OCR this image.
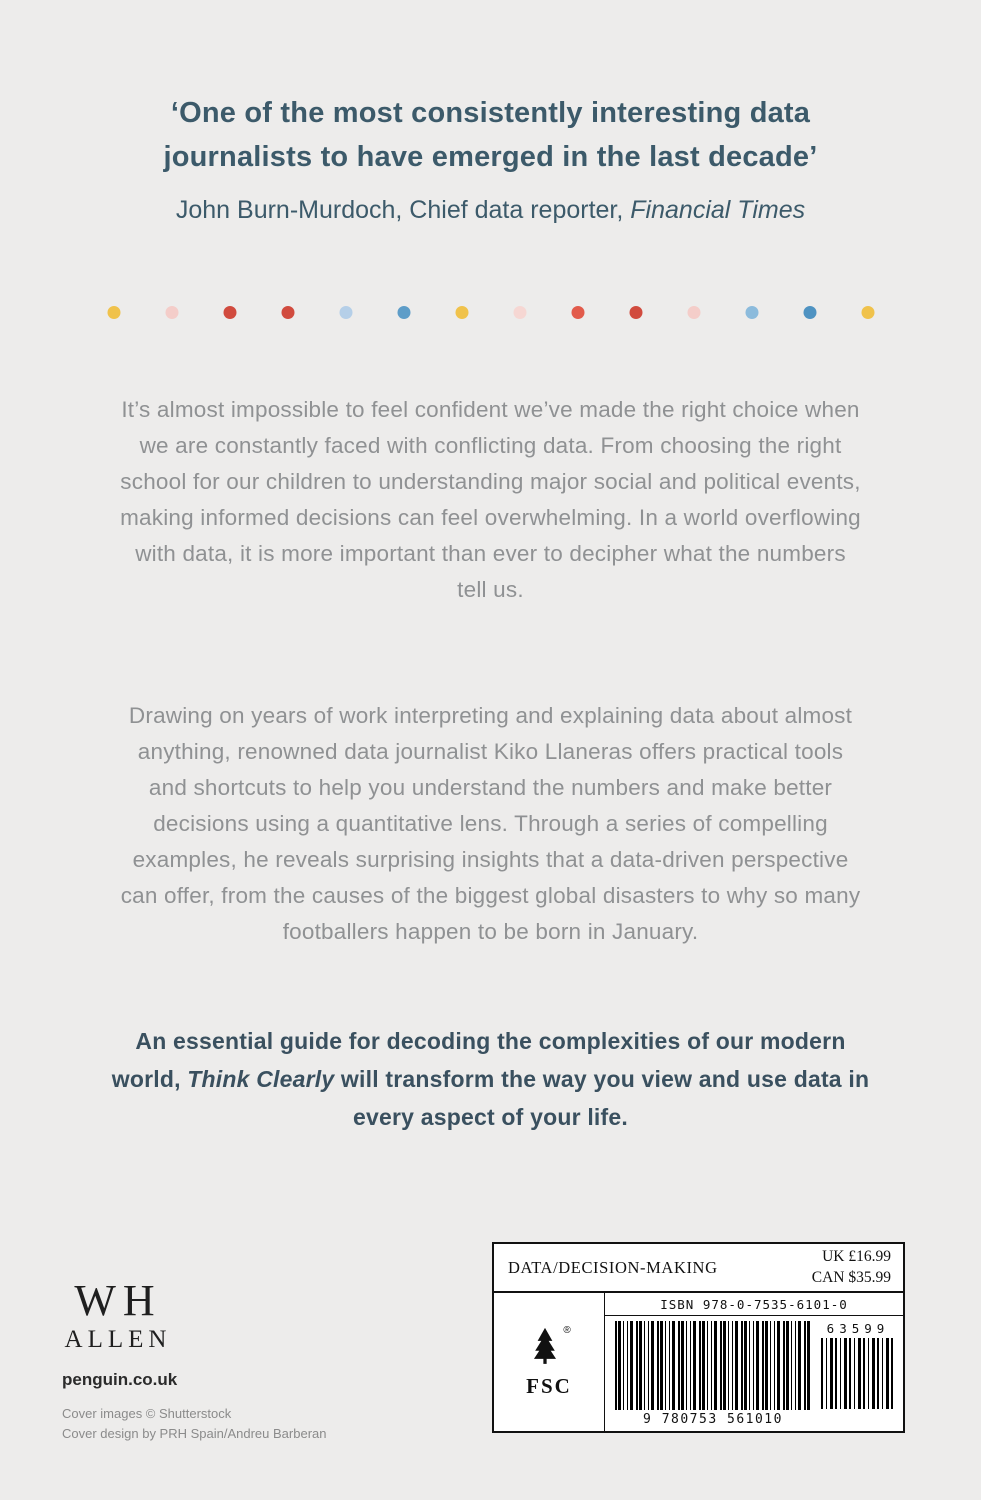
‘One of the most consistently interesting data
journalists to have emerged in the last decade’
John Burn-Murdoch, Chief data reporter, Financial Times

It’s almost impossible to feel confident we’ve made the right choice when we are constantly faced with conflicting data. From choosing the right school for our children to understanding major social and political events, making informed decisions can feel overwhelming. In a world overflowing with data, it is more important than ever to decipher what the numbers tell us.

Drawing on years of work interpreting and explaining data about almost anything, renowned data journalist Kiko Llaneras offers practical tools and shortcuts to help you understand the numbers and make better decisions using a quantitative lens. Through a series of compelling examples, he reveals surprising insights that a data-driven perspective can offer, from the causes of the biggest global disasters to why so many footballers happen to be born in January.

An essential guide for decoding the complexities of our modern world, Think Clearly will transform the way you view and use data in every aspect of your life.

WH
ALLEN
penguin.co.uk
Cover images © Shutterstock
Cover design by PRH Spain/Andreu Barberan
DATA/DECISION-MAKING
UK £16.99
CAN $35.99
®
FSC
ISBN 978-0-7535-6101-0
9 780753 561010
63599
